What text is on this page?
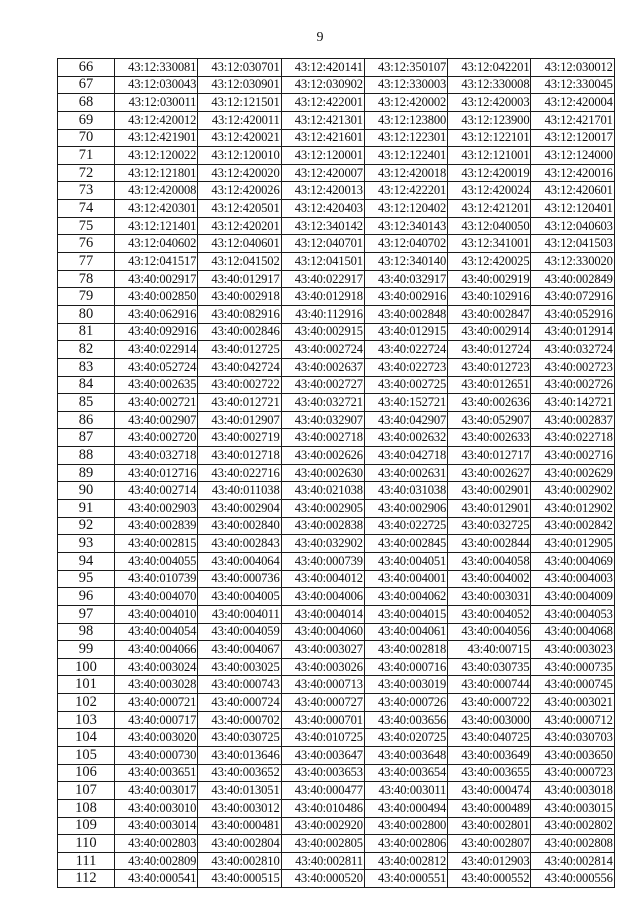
9
66	43:12:330081	43:12:030701	43:12:420141	43:12:350107	43:12:042201	43:12:030012
67	43:12:030043	43:12:030901	43:12:030902	43:12:330003	43:12:330008	43:12:330045
68	43:12:030011	43:12:121501	43:12:422001	43:12:420002	43:12:420003	43:12:420004
69	43:12:420012	43:12:420011	43:12:421301	43:12:123800	43:12:123900	43:12:421701
70	43:12:421901	43:12:420021	43:12:421601	43:12:122301	43:12:122101	43:12:120017
71	43:12:120022	43:12:120010	43:12:120001	43:12:122401	43:12:121001	43:12:124000
72	43:12:121801	43:12:420020	43:12:420007	43:12:420018	43:12:420019	43:12:420016
73	43:12:420008	43:12:420026	43:12:420013	43:12:422201	43:12:420024	43:12:420601
74	43:12:420301	43:12:420501	43:12:420403	43:12:120402	43:12:421201	43:12:120401
75	43:12:121401	43:12:420201	43:12:340142	43:12:340143	43:12:040050	43:12:040603
76	43:12:040602	43:12:040601	43:12:040701	43:12:040702	43:12:341001	43:12:041503
77	43:12:041517	43:12:041502	43:12:041501	43:12:340140	43:12:420025	43:12:330020
78	43:40:002917	43:40:012917	43:40:022917	43:40:032917	43:40:002919	43:40:002849
79	43:40:002850	43:40:002918	43:40:012918	43:40:002916	43:40:102916	43:40:072916
80	43:40:062916	43:40:082916	43:40:112916	43:40:002848	43:40:002847	43:40:052916
81	43:40:092916	43:40:002846	43:40:002915	43:40:012915	43:40:002914	43:40:012914
82	43:40:022914	43:40:012725	43:40:002724	43:40:022724	43:40:012724	43:40:032724
83	43:40:052724	43:40:042724	43:40:002637	43:40:022723	43:40:012723	43:40:002723
84	43:40:002635	43:40:002722	43:40:002727	43:40:002725	43:40:012651	43:40:002726
85	43:40:002721	43:40:012721	43:40:032721	43:40:152721	43:40:002636	43:40:142721
86	43:40:002907	43:40:012907	43:40:032907	43:40:042907	43:40:052907	43:40:002837
87	43:40:002720	43:40:002719	43:40:002718	43:40:002632	43:40:002633	43:40:022718
88	43:40:032718	43:40:012718	43:40:002626	43:40:042718	43:40:012717	43:40:002716
89	43:40:012716	43:40:022716	43:40:002630	43:40:002631	43:40:002627	43:40:002629
90	43:40:002714	43:40:011038	43:40:021038	43:40:031038	43:40:002901	43:40:002902
91	43:40:002903	43:40:002904	43:40:002905	43:40:002906	43:40:012901	43:40:012902
92	43:40:002839	43:40:002840	43:40:002838	43:40:022725	43:40:032725	43:40:002842
93	43:40:002815	43:40:002843	43:40:032902	43:40:002845	43:40:002844	43:40:012905
94	43:40:004055	43:40:004064	43:40:000739	43:40:004051	43:40:004058	43:40:004069
95	43:40:010739	43:40:000736	43:40:004012	43:40:004001	43:40:004002	43:40:004003
96	43:40:004070	43:40:004005	43:40:004006	43:40:004062	43:40:003031	43:40:004009
97	43:40:004010	43:40:004011	43:40:004014	43:40:004015	43:40:004052	43:40:004053
98	43:40:004054	43:40:004059	43:40:004060	43:40:004061	43:40:004056	43:40:004068
99	43:40:004066	43:40:004067	43:40:003027	43:40:002818	43:40:00715	43:40:003023
100	43:40:003024	43:40:003025	43:40:003026	43:40:000716	43:40:030735	43:40:000735
101	43:40:003028	43:40:000743	43:40:000713	43:40:003019	43:40:000744	43:40:000745
102	43:40:000721	43:40:000724	43:40:000727	43:40:000726	43:40:000722	43:40:003021
103	43:40:000717	43:40:000702	43:40:000701	43:40:003656	43:40:003000	43:40:000712
104	43:40:003020	43:40:030725	43:40:010725	43:40:020725	43:40:040725	43:40:030703
105	43:40:000730	43:40:013646	43:40:003647	43:40:003648	43:40:003649	43:40:003650
106	43:40:003651	43:40:003652	43:40:003653	43:40:003654	43:40:003655	43:40:000723
107	43:40:003017	43:40:013051	43:40:000477	43:40:003011	43:40:000474	43:40:003018
108	43:40:003010	43:40:003012	43:40:010486	43:40:000494	43:40:000489	43:40:003015
109	43:40:003014	43:40:000481	43:40:002920	43:40:002800	43:40:002801	43:40:002802
110	43:40:002803	43:40:002804	43:40:002805	43:40:002806	43:40:002807	43:40:002808
111	43:40:002809	43:40:002810	43:40:002811	43:40:002812	43:40:012903	43:40:002814
112	43:40:000541	43:40:000515	43:40:000520	43:40:000551	43:40:000552	43:40:000556
